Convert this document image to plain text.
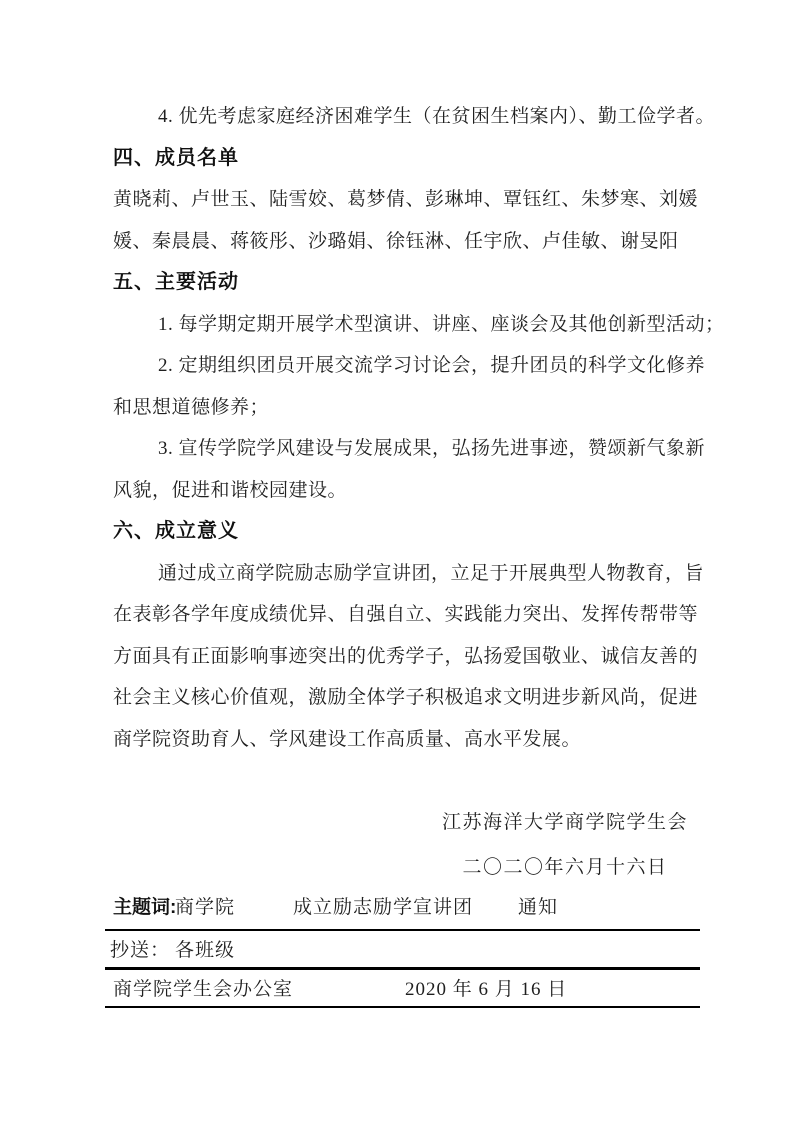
4. 优先考虑家庭经济困难学生（在贫困生档案内）、勤工俭学者。
四、成员名单
黄晓莉、卢世玉、陆雪姣、葛梦倩、彭琳坤、覃钰红、朱梦寒、刘媛
媛、秦晨晨、蒋筱彤、沙璐娟、徐钰淋、任宇欣、卢佳敏、谢旻阳
五、主要活动
1. 每学期定期开展学术型演讲、讲座、座谈会及其他创新型活动；
2. 定期组织团员开展交流学习讨论会，提升团员的科学文化修养
和思想道德修养；
3. 宣传学院学风建设与发展成果，弘扬先进事迹，赞颂新气象新
风貌，促进和谐校园建设。
六、成立意义
通过成立商学院励志励学宣讲团，立足于开展典型人物教育，旨
在表彰各学年度成绩优异、自强自立、实践能力突出、发挥传帮带等
方面具有正面影响事迹突出的优秀学子，弘扬爱国敬业、诚信友善的
社会主义核心价值观，激励全体学子积极追求文明进步新风尚，促进
商学院资助育人、学风建设工作高质量、高水平发展。
江苏海洋大学商学院学生会
二〇二〇年六月十六日
主题词:
商学院	成立励志励学宣讲团 通知
抄送： 各班级
商学院学生会办公室	2020 年 6 月 16 日
